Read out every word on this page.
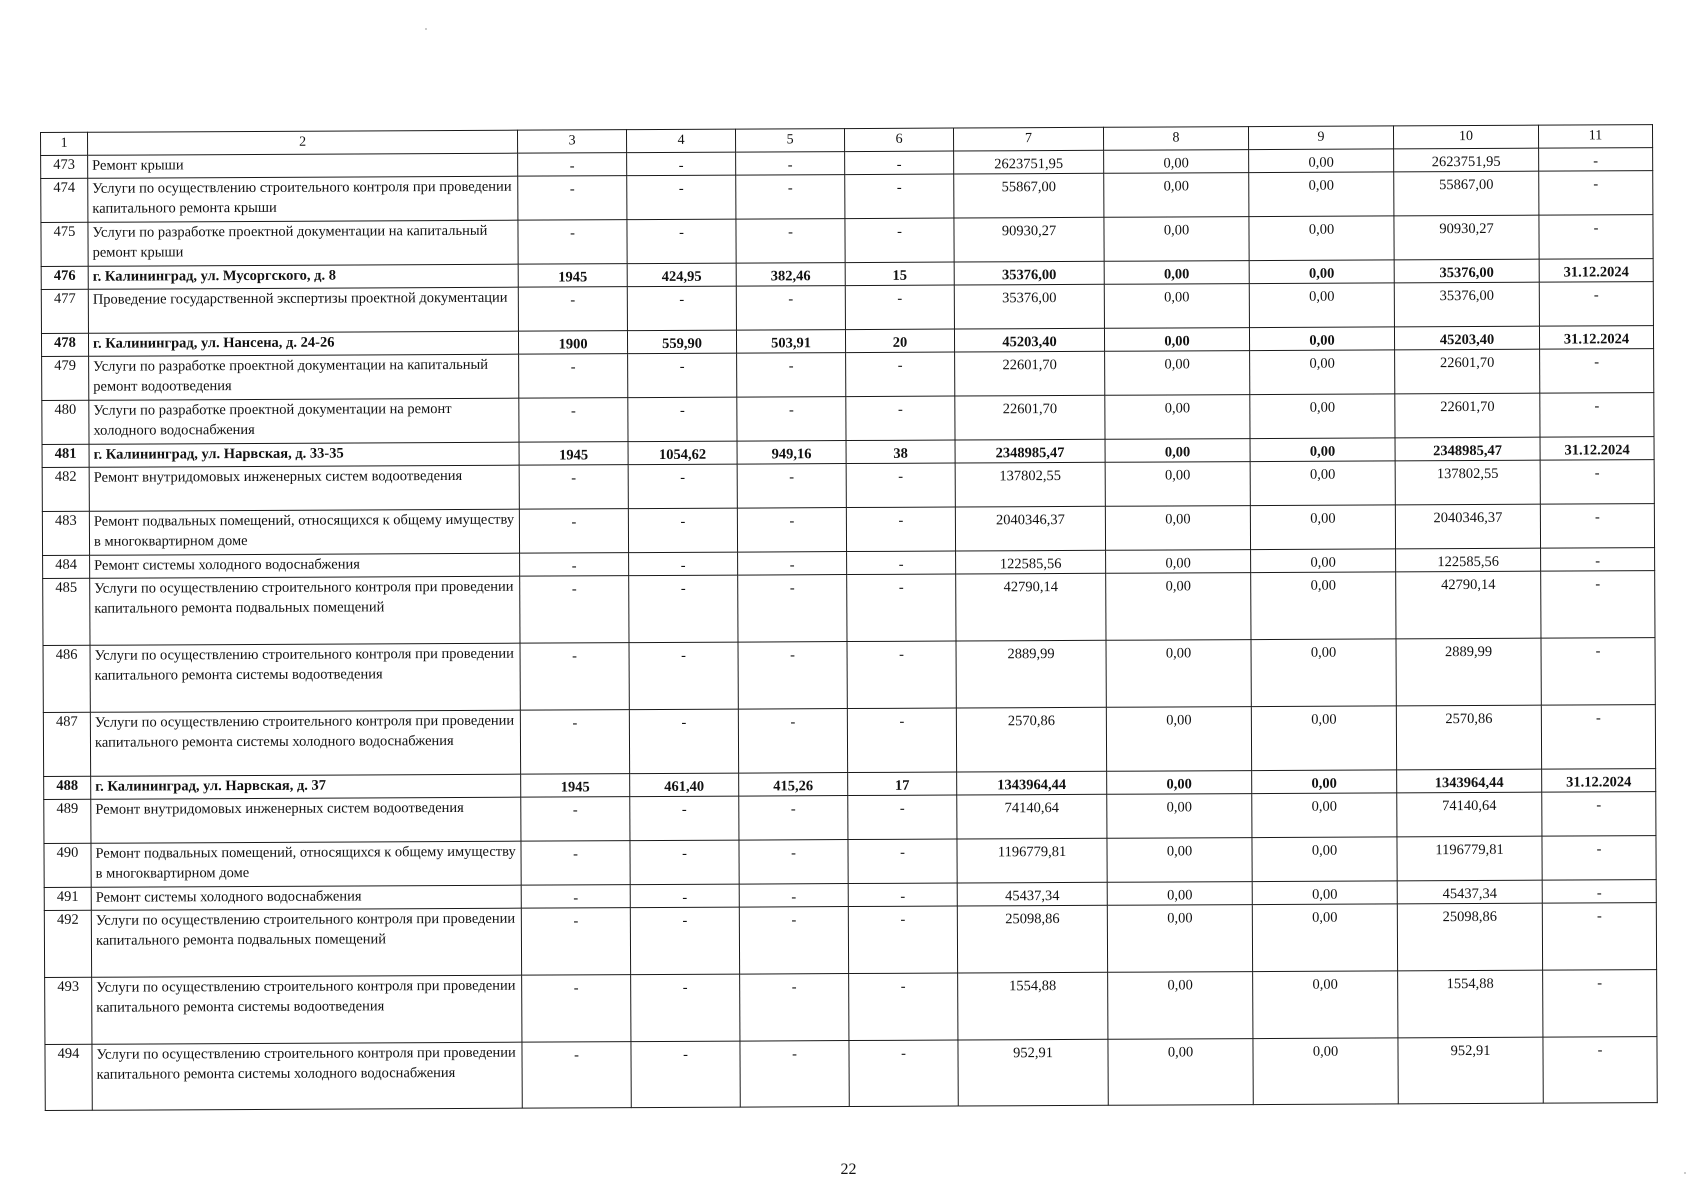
1	2	3	4	5	6	7	8	9	10	11
473	Ремонт крыши	-	-	-	-	2623751,95	0,00	0,00	2623751,95	-
474	Услуги по осуществлению строительного контроля при проведении капитального ремонта крыши	-	-	-	-	55867,00	0,00	0,00	55867,00	-
475	Услуги по разработке проектной документации на капитальный ремонт крыши	-	-	-	-	90930,27	0,00	0,00	90930,27	-
476	г. Калининград, ул. Мусоргского, д. 8	1945	424,95	382,46	15	35376,00	0,00	0,00	35376,00	31.12.2024
477	Проведение государственной экспертизы проектной документации	-	-	-	-	35376,00	0,00	0,00	35376,00	-
478	г. Калининград, ул. Нансена, д. 24-26	1900	559,90	503,91	20	45203,40	0,00	0,00	45203,40	31.12.2024
479	Услуги по разработке проектной документации на капитальный ремонт водоотведения	-	-	-	-	22601,70	0,00	0,00	22601,70	-
480	Услуги по разработке проектной документации на ремонт холодного водоснабжения	-	-	-	-	22601,70	0,00	0,00	22601,70	-
481	г. Калининград, ул. Нарвская, д. 33-35	1945	1054,62	949,16	38	2348985,47	0,00	0,00	2348985,47	31.12.2024
482	Ремонт внутридомовых инженерных систем водоотведения	-	-	-	-	137802,55	0,00	0,00	137802,55	-
483	Ремонт подвальных помещений, относящихся к общему имуществу в многоквартирном доме	-	-	-	-	2040346,37	0,00	0,00	2040346,37	-
484	Ремонт системы холодного водоснабжения	-	-	-	-	122585,56	0,00	0,00	122585,56	-
485	Услуги по осуществлению строительного контроля при проведении капитального ремонта подвальных помещений	-	-	-	-	42790,14	0,00	0,00	42790,14	-
486	Услуги по осуществлению строительного контроля при проведении капитального ремонта системы водоотведения	-	-	-	-	2889,99	0,00	0,00	2889,99	-
487	Услуги по осуществлению строительного контроля при проведении капитального ремонта системы холодного водоснабжения	-	-	-	-	2570,86	0,00	0,00	2570,86	-
488	г. Калининград, ул. Нарвская, д. 37	1945	461,40	415,26	17	1343964,44	0,00	0,00	1343964,44	31.12.2024
489	Ремонт внутридомовых инженерных систем водоотведения	-	-	-	-	74140,64	0,00	0,00	74140,64	-
490	Ремонт подвальных помещений, относящихся к общему имуществу в многоквартирном доме	-	-	-	-	1196779,81	0,00	0,00	1196779,81	-
491	Ремонт системы холодного водоснабжения	-	-	-	-	45437,34	0,00	0,00	45437,34	-
492	Услуги по осуществлению строительного контроля при проведении капитального ремонта подвальных помещений	-	-	-	-	25098,86	0,00	0,00	25098,86	-
493	Услуги по осуществлению строительного контроля при проведении капитального ремонта системы водоотведения	-	-	-	-	1554,88	0,00	0,00	1554,88	-
494	Услуги по осуществлению строительного контроля при проведении капитального ремонта системы холодного водоснабжения	-	-	-	-	952,91	0,00	0,00	952,91	-
22
